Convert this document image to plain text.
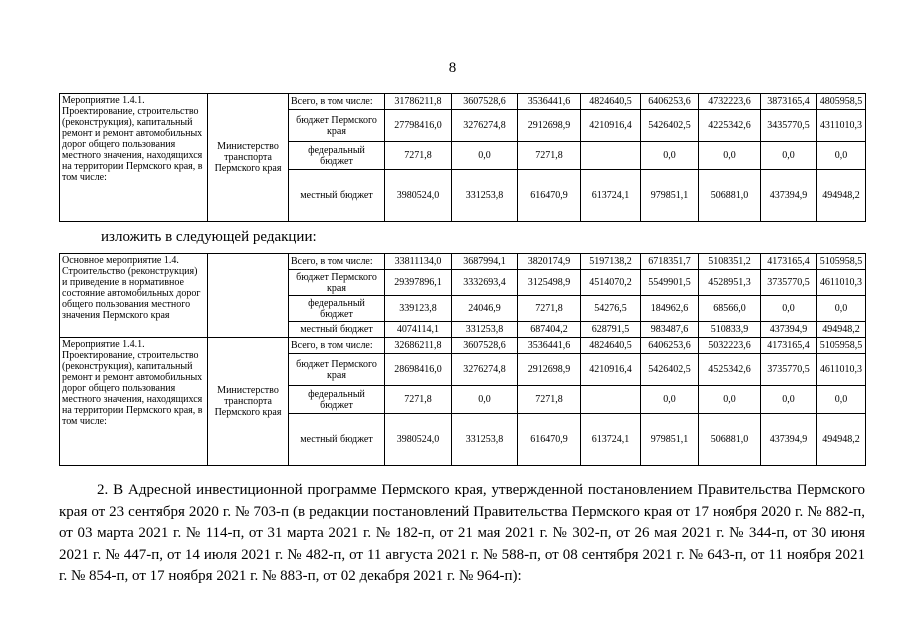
8
Мероприятие 1.4.1. Проектирование, строительство (реконструкция), капитальный ремонт и ремонт автомобильных дорог общего пользования местного значения, находящихся на территории Пермского края, в том числе:	Министерство транспорта Пермского края	Всего, в том числе:	31786211,8	3607528,6	3536441,6	4824640,5	6406253,6	4732223,6	3873165,4	4805958,5
		бюджет Пермского края	27798416,0	3276274,8	2912698,9	4210916,4	5426402,5	4225342,6	3435770,5	4311010,3
		федеральный бюджет	7271,8	0,0	7271,8		0,0	0,0	0,0	0,0
		местный бюджет	3980524,0	331253,8	616470,9	613724,1	979851,1	506881,0	437394,9	494948,2
изложить в следующей редакции:
Основное мероприятие 1.4. Строительство (реконструкция) и приведение в нормативное состояние автомобильных дорог общего пользования местного значения Пермского края		Всего, в том числе:	33811134,0	3687994,1	3820174,9	5197138,2	6718351,7	5108351,2	4173165,4	5105958,5
		бюджет Пермского края	29397896,1	3332693,4	3125498,9	4514070,2	5549901,5	4528951,3	3735770,5	4611010,3
		федеральный бюджет	339123,8	24046,9	7271,8	54276,5	184962,6	68566,0	0,0	0,0
		местный бюджет	4074114,1	331253,8	687404,2	628791,5	983487,6	510833,9	437394,9	494948,2
Мероприятие 1.4.1. Проектирование, строительство (реконструкция), капитальный ремонт и ремонт автомобильных дорог общего пользования местного значения, находящихся на территории Пермского края, в том числе:	Министерство транспорта Пермского края	Всего, в том числе:	32686211,8	3607528,6	3536441,6	4824640,5	6406253,6	5032223,6	4173165,4	5105958,5
		бюджет Пермского края	28698416,0	3276274,8	2912698,9	4210916,4	5426402,5	4525342,6	3735770,5	4611010,3
		федеральный бюджет	7271,8	0,0	7271,8		0,0	0,0	0,0	0,0
		местный бюджет	3980524,0	331253,8	616470,9	613724,1	979851,1	506881,0	437394,9	494948,2

2. В Адресной инвестиционной программе Пермского края, утвержденной постановлением Правительства Пермского края от 23 сентября 2020 г. № 703-п (в редакции постановлений Правительства Пермского края от 17 ноября 2020 г. № 882-п, от 03 марта 2021 г. № 114-п, от 31 марта 2021 г. № 182-п, от 21 мая 2021 г. № 302-п, от 26 мая 2021 г. № 344-п, от 30 июня 2021 г. № 447-п, от 14 июля 2021 г. № 482-п, от 11 августа 2021 г. № 588-п, от 08 сентября 2021 г. № 643-п, от 11 ноября 2021 г. № 854-п, от 17 ноября 2021 г. № 883-п, от 02 декабря 2021 г. № 964-п):
